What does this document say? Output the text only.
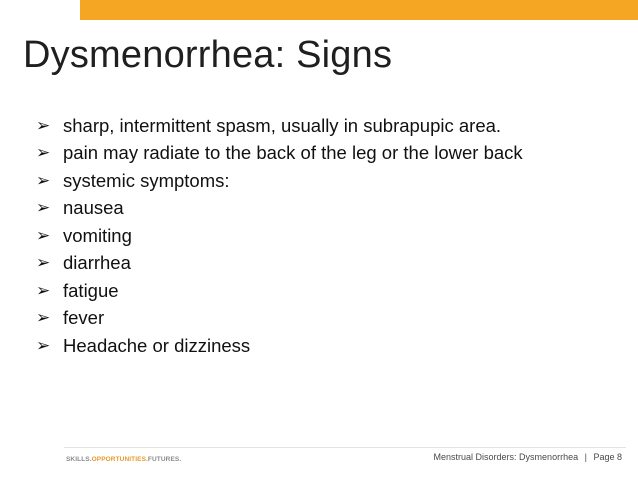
Dysmenorrhea: Signs
➢ sharp, intermittent spasm, usually in subrapupic area.
➢ pain may radiate to the back of the leg or the lower back
➢ systemic symptoms:
➢ nausea
➢ vomiting
➢ diarrhea
➢ fatigue
➢ fever
➢ Headache or dizziness
SKILLS. OPPORTUNITIES. FUTURES.	Menstrual Disorders: Dysmenorrhea | Page 8
